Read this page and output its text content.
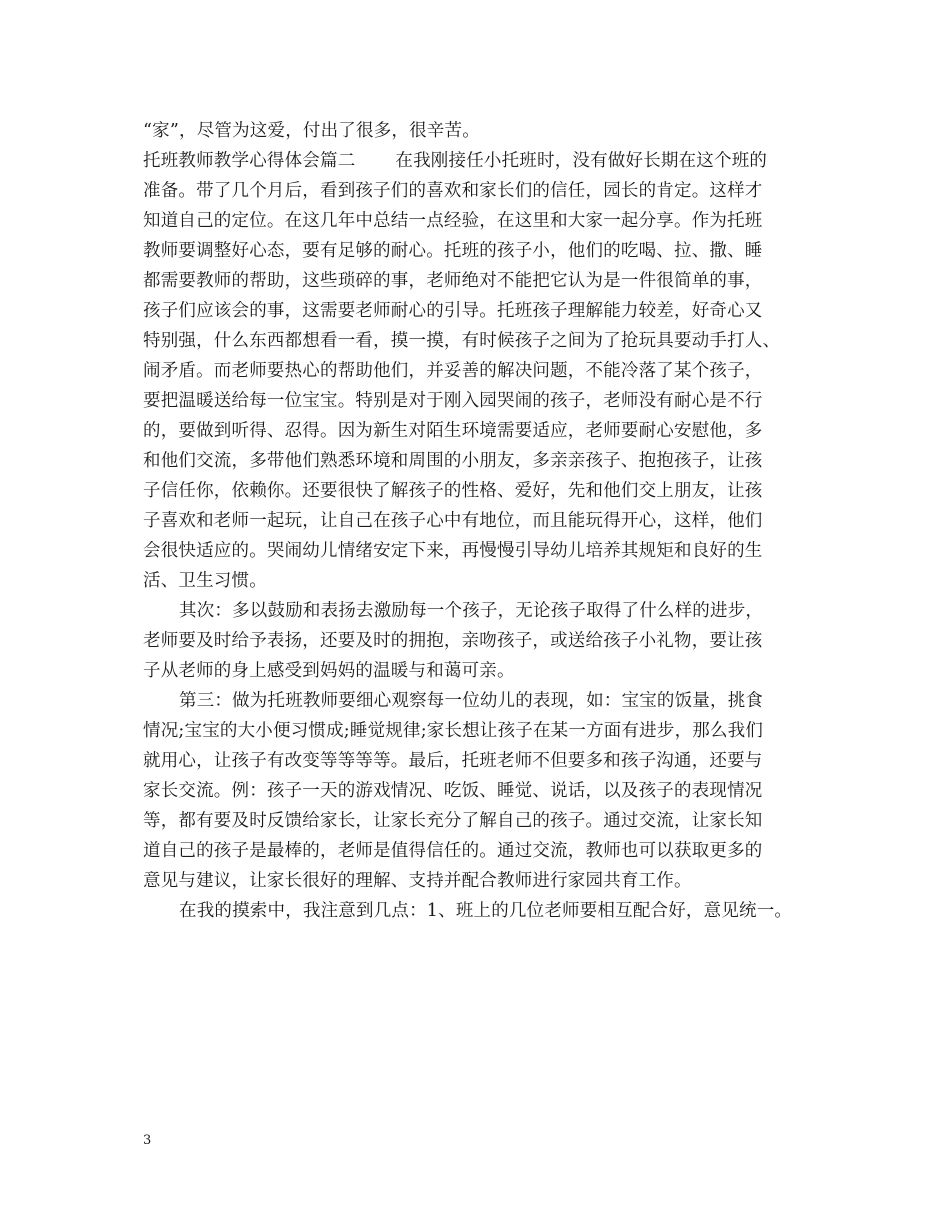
“家”，尽管为这爱，付出了很多，很辛苦。
托班教师教学心得体会篇二 在我刚接任小托班时，没有做好长期在这个班的
准备。带了几个月后，看到孩子们的喜欢和家长们的信任，园长的肯定。这样才
知道自己的定位。在这几年中总结一点经验，在这里和大家一起分享。作为托班
教师要调整好心态，要有足够的耐心。托班的孩子小，他们的吃喝、拉、撒、睡
都需要教师的帮助，这些琐碎的事，老师绝对不能把它认为是一件很简单的事，
孩子们应该会的事，这需要老师耐心的引导。托班孩子理解能力较差，好奇心又
特别强，什么东西都想看一看，摸一摸，有时候孩子之间为了抢玩具要动手打人、
闹矛盾。而老师要热心的帮助他们，并妥善的解决问题，不能冷落了某个孩子，
要把温暖送给每一位宝宝。特别是对于刚入园哭闹的孩子，老师没有耐心是不行
的，要做到听得、忍得。因为新生对陌生环境需要适应，老师要耐心安慰他，多
和他们交流，多带他们熟悉环境和周围的小朋友，多亲亲孩子、抱抱孩子，让孩
子信任你，依赖你。还要很快了解孩子的性格、爱好，先和他们交上朋友，让孩
子喜欢和老师一起玩，让自己在孩子心中有地位，而且能玩得开心，这样，他们
会很快适应的。哭闹幼儿情绪安定下来，再慢慢引导幼儿培养其规矩和良好的生
活、卫生习惯。
其次：多以鼓励和表扬去激励每一个孩子，无论孩子取得了什么样的进步，
老师要及时给予表扬，还要及时的拥抱，亲吻孩子，或送给孩子小礼物，要让孩
子从老师的身上感受到妈妈的温暖与和蔼可亲。
第三：做为托班教师要细心观察每一位幼儿的表现，如：宝宝的饭量，挑食
情况;宝宝的大小便习惯成;睡觉规律;家长想让孩子在某一方面有进步，那么我们
就用心，让孩子有改变等等等等。最后，托班老师不但要多和孩子沟通，还要与
家长交流。例：孩子一天的游戏情况、吃饭、睡觉、说话，以及孩子的表现情况
等，都有要及时反馈给家长，让家长充分了解自己的孩子。通过交流，让家长知
道自己的孩子是最棒的，老师是值得信任的。通过交流，教师也可以获取更多的
意见与建议，让家长很好的理解、支持并配合教师进行家园共育工作。
在我的摸索中，我注意到几点：1、班上的几位老师要相互配合好，意见统一。
3
